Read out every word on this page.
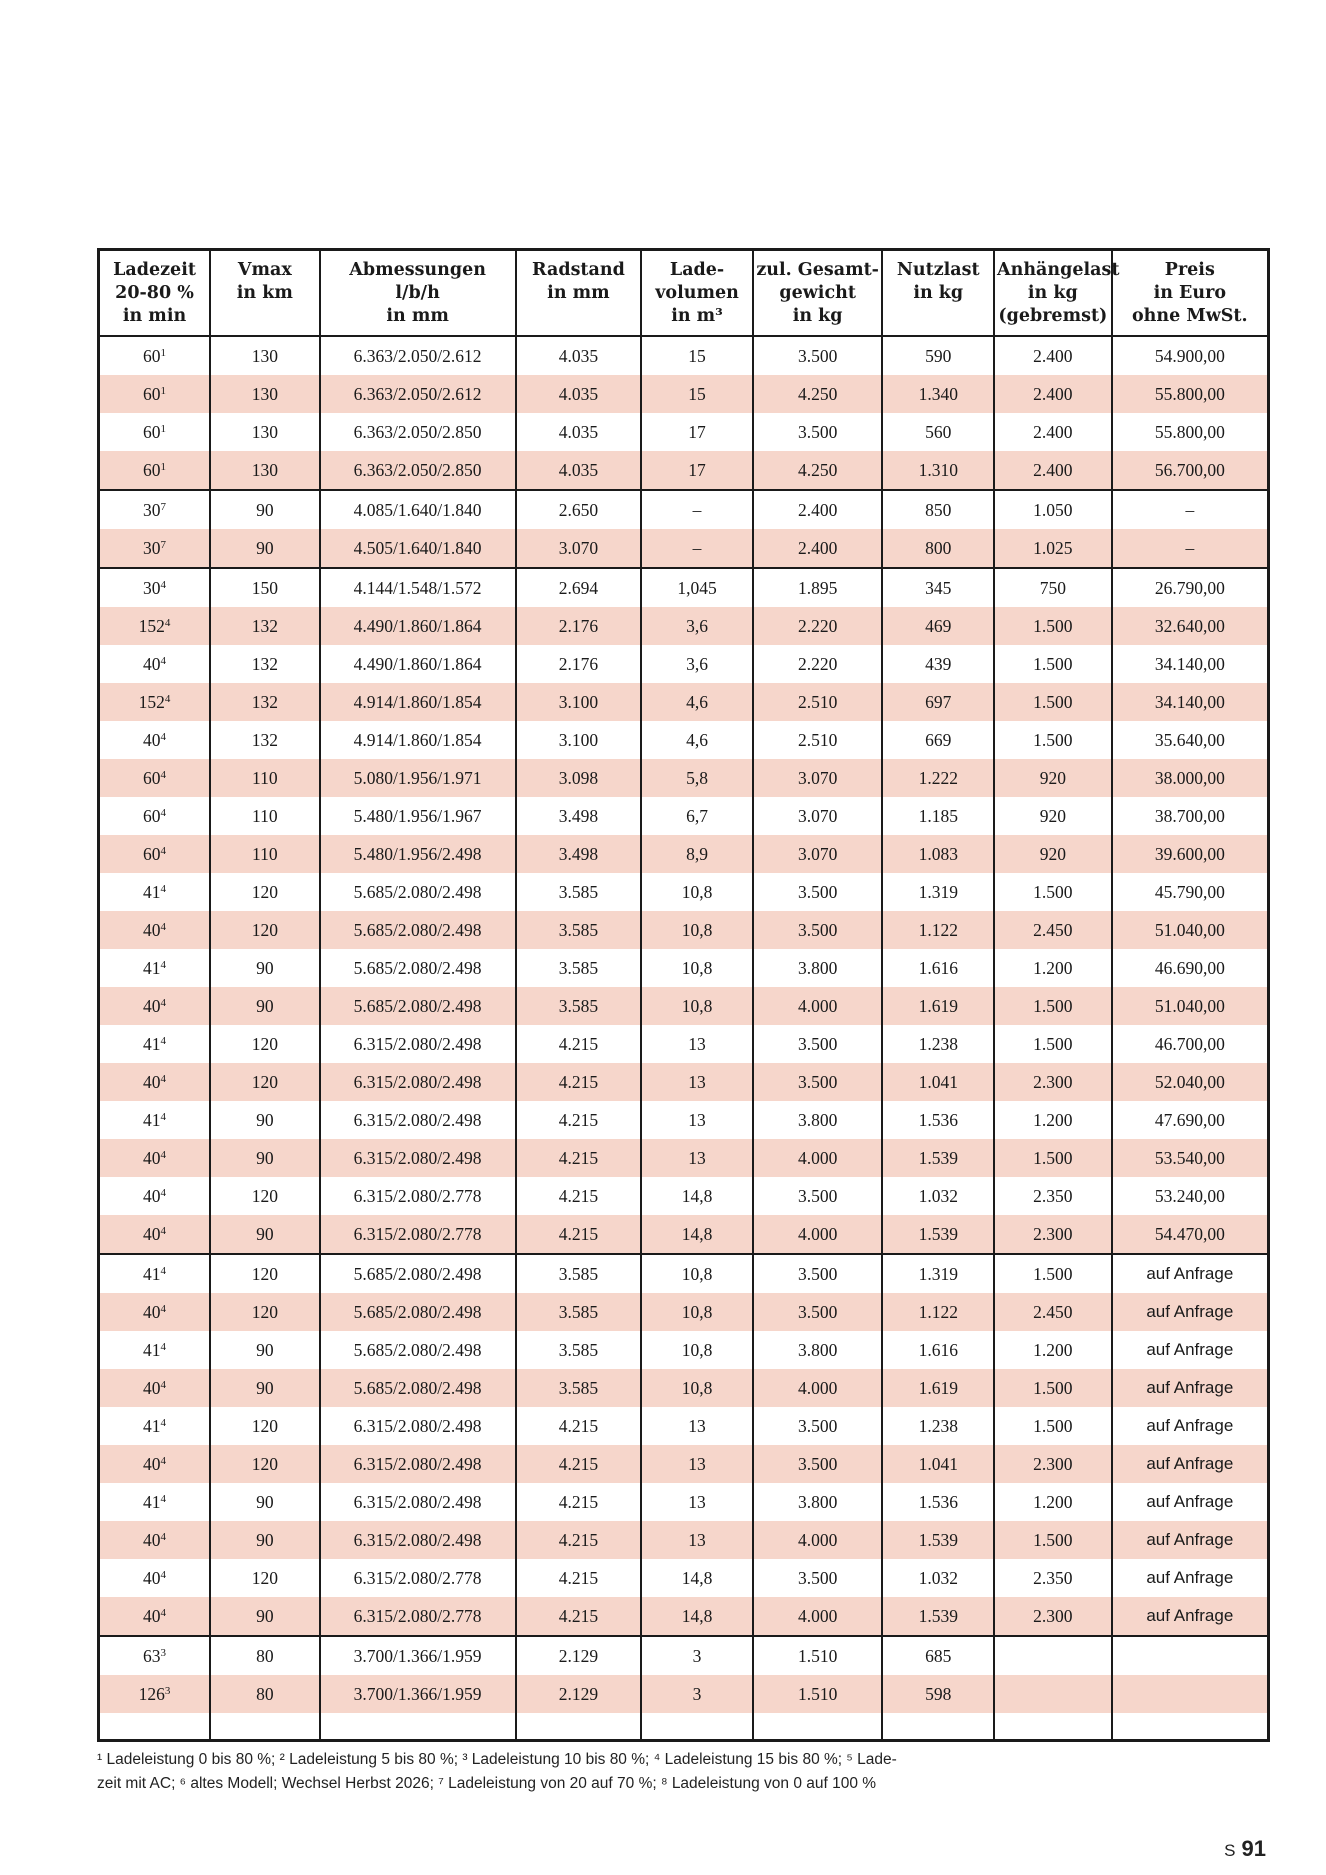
Ladezeit
20-80 %
in min	Vmax
in km	Abmessungen
l/b/h
in mm	Radstand
in mm	Lade-
volumen
in m³	zul. Gesamt-
gewicht
in kg	Nutzlast
in kg	Anhängelast
in kg
(gebremst)	Preis
in Euro
ohne MwSt.

$60^1$	130	6.363/2.050/2.612	4.035	15	3.500	590	2.400	54.900,00
$60^1$	130	6.363/2.050/2.612	4.035	15	4.250	1.340	2.400	55.800,00
$60^1$	130	6.363/2.050/2.850	4.035	17	3.500	560	2.400	55.800,00
$60^1$	130	6.363/2.050/2.850	4.035	17	4.250	1.310	2.400	56.700,00
$30^7$	90	4.085/1.640/1.840	2.650	–	2.400	850	1.050	–
$30^7$	90	4.505/1.640/1.840	3.070	–	2.400	800	1.025	–
$30^4$	150	4.144/1.548/1.572	2.694	1,045	1.895	345	750	26.790,00
$152^4$	132	4.490/1.860/1.864	2.176	3,6	2.220	469	1.500	32.640,00
$40^4$	132	4.490/1.860/1.864	2.176	3,6	2.220	439	1.500	34.140,00
$152^4$	132	4.914/1.860/1.854	3.100	4,6	2.510	697	1.500	34.140,00
$40^4$	132	4.914/1.860/1.854	3.100	4,6	2.510	669	1.500	35.640,00
$60^4$	110	5.080/1.956/1.971	3.098	5,8	3.070	1.222	920	38.000,00
$60^4$	110	5.480/1.956/1.967	3.498	6,7	3.070	1.185	920	38.700,00
$60^4$	110	5.480/1.956/2.498	3.498	8,9	3.070	1.083	920	39.600,00
$41^4$	120	5.685/2.080/2.498	3.585	10,8	3.500	1.319	1.500	45.790,00
$40^4$	120	5.685/2.080/2.498	3.585	10,8	3.500	1.122	2.450	51.040,00
$41^4$	90	5.685/2.080/2.498	3.585	10,8	3.800	1.616	1.200	46.690,00
$40^4$	90	5.685/2.080/2.498	3.585	10,8	4.000	1.619	1.500	51.040,00
$41^4$	120	6.315/2.080/2.498	4.215	13	3.500	1.238	1.500	46.700,00
$40^4$	120	6.315/2.080/2.498	4.215	13	3.500	1.041	2.300	52.040,00
$41^4$	90	6.315/2.080/2.498	4.215	13	3.800	1.536	1.200	47.690,00
$40^4$	90	6.315/2.080/2.498	4.215	13	4.000	1.539	1.500	53.540,00
$40^4$	120	6.315/2.080/2.778	4.215	14,8	3.500	1.032	2.350	53.240,00
$40^4$	90	6.315/2.080/2.778	4.215	14,8	4.000	1.539	2.300	54.470,00
$41^4$	120	5.685/2.080/2.498	3.585	10,8	3.500	1.319	1.500	auf Anfrage
$40^4$	120	5.685/2.080/2.498	3.585	10,8	3.500	1.122	2.450	auf Anfrage
$41^4$	90	5.685/2.080/2.498	3.585	10,8	3.800	1.616	1.200	auf Anfrage
$40^4$	90	5.685/2.080/2.498	3.585	10,8	4.000	1.619	1.500	auf Anfrage
$41^4$	120	6.315/2.080/2.498	4.215	13	3.500	1.238	1.500	auf Anfrage
$40^4$	120	6.315/2.080/2.498	4.215	13	3.500	1.041	2.300	auf Anfrage
$41^4$	90	6.315/2.080/2.498	4.215	13	3.800	1.536	1.200	auf Anfrage
$40^4$	90	6.315/2.080/2.498	4.215	13	4.000	1.539	1.500	auf Anfrage
$40^4$	120	6.315/2.080/2.778	4.215	14,8	3.500	1.032	2.350	auf Anfrage
$40^4$	90	6.315/2.080/2.778	4.215	14,8	4.000	1.539	2.300	auf Anfrage
$63^3$	80	3.700/1.366/1.959	2.129	3	1.510	685		
$126^3$	80	3.700/1.366/1.959	2.129	3	1.510	598		

¹ Ladeleistung 0 bis 80 %; ² Ladeleistung 5 bis 80 %; ³ Ladeleistung 10 bis 80 %; ⁴ Ladeleistung 15 bis 80 %; ⁵ Lade-

zeit mit AC; ⁶ altes Modell; Wechsel Herbst 2026; ⁷ Ladeleistung von 20 auf 70 %; ⁸ Ladeleistung von 0 auf 100 %

S 91
